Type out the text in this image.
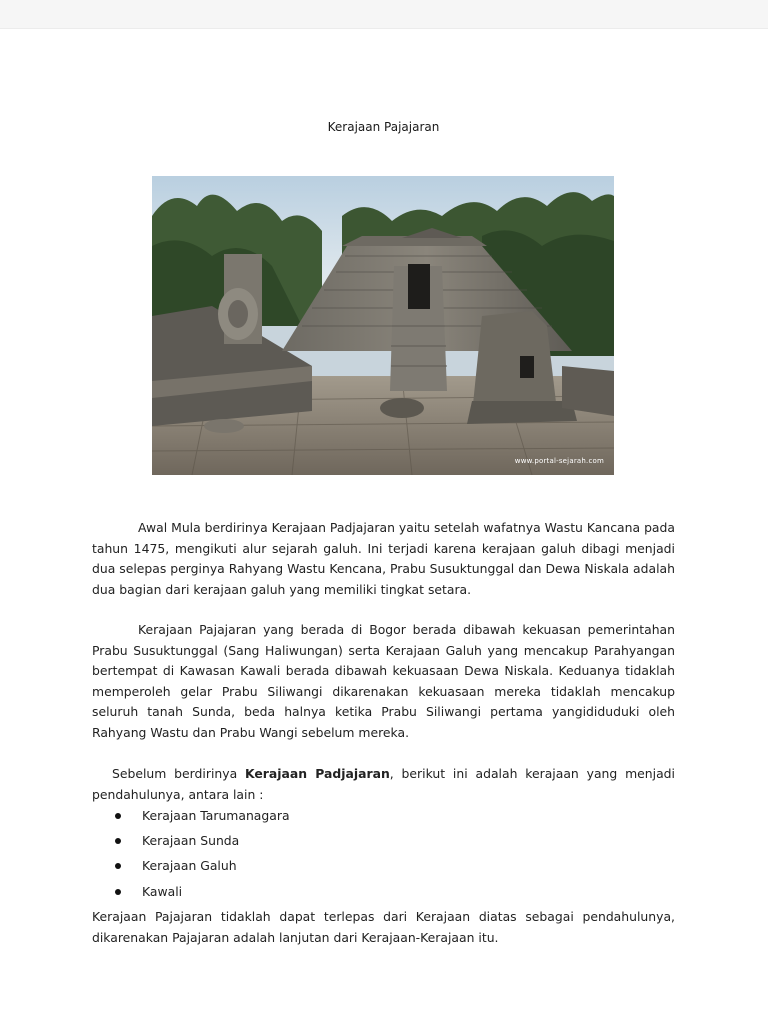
Kerajaan Pajajaran
www.portal-sejarah.com

Awal Mula berdirinya Kerajaan Padjajaran yaitu setelah wafatnya Wastu Kancana pada tahun 1475, mengikuti alur sejarah galuh. Ini terjadi karena kerajaan galuh dibagi menjadi dua selepas perginya Rahyang Wastu Kencana, Prabu Susuktunggal dan Dewa Niskala adalah dua bagian dari kerajaan galuh yang memiliki tingkat setara.

Kerajaan Pajajaran yang berada di Bogor berada dibawah kekuasan pemerintahan Prabu Susuktunggal (Sang Haliwungan) serta Kerajaan Galuh yang mencakup Parahyangan bertempat di Kawasan Kawali berada dibawah kekuasaan Dewa Niskala. Keduanya tidaklah memperoleh gelar Prabu Siliwangi dikarenakan kekuasaan mereka tidaklah mencakup seluruh tanah Sunda, beda halnya ketika Prabu Siliwangi pertama yangididuduki oleh Rahyang Wastu dan Prabu Wangi sebelum mereka.

Sebelum berdirinya Kerajaan Padjajaran, berikut ini adalah kerajaan yang menjadi pendahulunya, antara lain :

Kerajaan Tarumanagara
Kerajaan Sunda
Kerajaan Galuh
Kawali

Kerajaan Pajajaran tidaklah dapat terlepas dari Kerajaan diatas sebagai pendahulunya, dikarenakan Pajajaran adalah lanjutan dari Kerajaan-Kerajaan itu.
